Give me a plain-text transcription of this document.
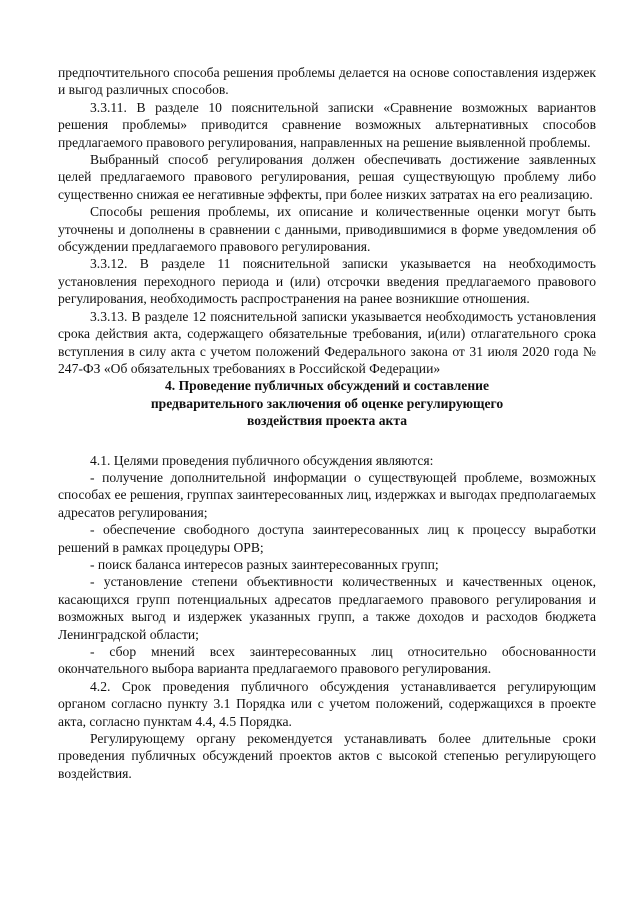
предпочтительного способа решения проблемы делается на основе сопоставления издержек и выгод различных способов.

3.3.11. В разделе 10 пояснительной записки «Сравнение возможных вариантов решения проблемы» приводится сравнение возможных альтернативных способов предлагаемого правового регулирования, направленных на решение выявленной проблемы.

Выбранный способ регулирования должен обеспечивать достижение заявленных целей предлагаемого правового регулирования, решая существующую проблему либо существенно снижая ее негативные эффекты, при более низких затратах на его реализацию.

Способы решения проблемы, их описание и количественные оценки могут быть уточнены и дополнены в сравнении с данными, приводившимися в форме уведомления об обсуждении предлагаемого правового регулирования.

3.3.12. В разделе 11 пояснительной записки указывается на необходимость установления переходного периода и (или) отсрочки введения предлагаемого правового регулирования, необходимость распространения на ранее возникшие отношения.

3.3.13. В разделе 12 пояснительной записки указывается необходимость установления срока действия акта, содержащего обязательные требования, и(или) отлагательного срока вступления в силу акта с учетом положений Федерального закона от 31 июля 2020 года № 247-ФЗ «Об обязательных требованиях в Российской Федерации»

4. Проведение публичных обсуждений и составление

предварительного заключения об оценке регулирующего

воздействия проекта акта

4.1. Целями проведения публичного обсуждения являются:

- получение дополнительной информации о существующей проблеме, возможных способах ее решения, группах заинтересованных лиц, издержках и выгодах предполагаемых адресатов регулирования;

- обеспечение свободного доступа заинтересованных лиц к процессу выработки решений в рамках процедуры ОРВ;

- поиск баланса интересов разных заинтересованных групп;

- установление степени объективности количественных и качественных оценок, касающихся групп потенциальных адресатов предлагаемого правового регулирования и возможных выгод и издержек указанных групп, а также доходов и расходов бюджета Ленинградской области;

- сбор мнений всех заинтересованных лиц относительно обоснованности окончательного выбора варианта предлагаемого правового регулирования.

4.2. Срок проведения публичного обсуждения устанавливается регулирующим органом согласно пункту 3.1 Порядка или с учетом положений, содержащихся в проекте акта, согласно пунктам 4.4, 4.5 Порядка.

Регулирующему органу рекомендуется устанавливать более длительные сроки проведения публичных обсуждений проектов актов с высокой степенью регулирующего воздействия.
